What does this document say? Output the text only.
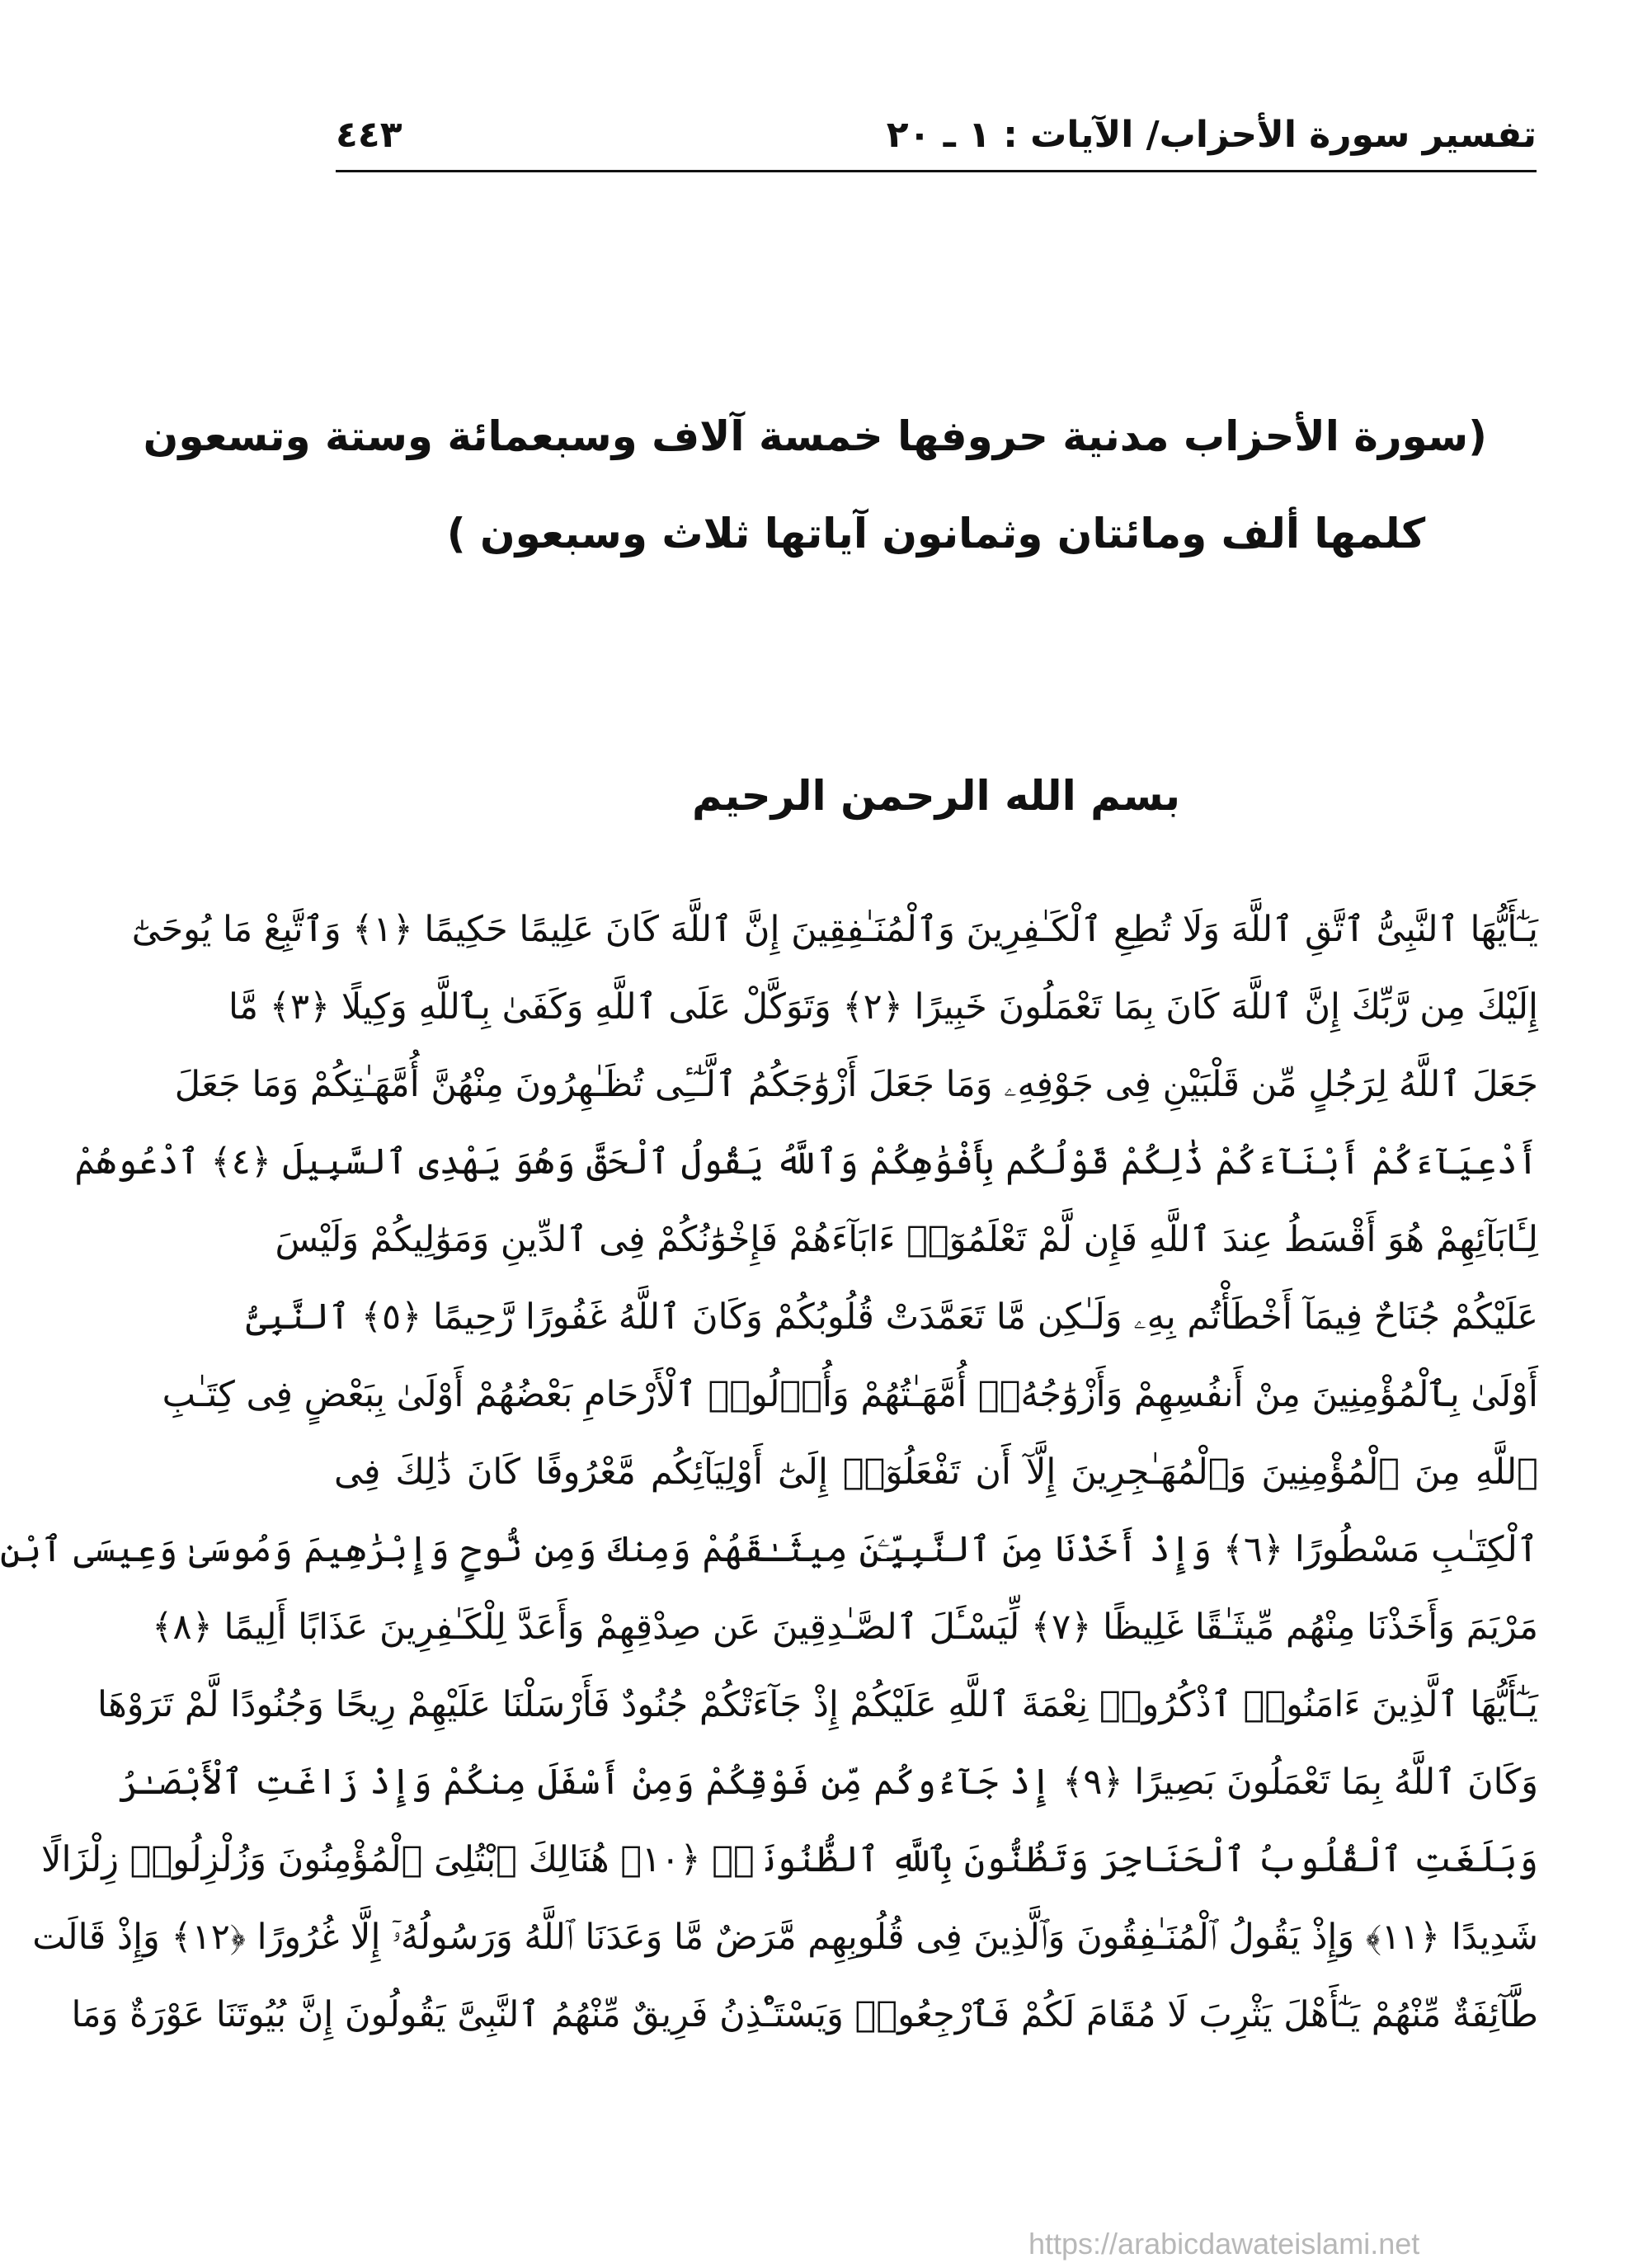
تفسير سورة الأحزاب/ الآيات : ١ ـ ٢٠
٤٤٣
(سورة الأحزاب مدنية حروفها خمسة آلاف وسبعمائة وستة وتسعون
كلمها ألف ومائتان وثمانون آياتها ثلاث وسبعون )
بسم الله الرحمن الرحيم
يَـٰٓأَيُّهَا ٱلنَّبِىُّ ٱتَّقِ ٱللَّهَ وَلَا تُطِعِ ٱلْكَـٰفِرِينَ وَٱلْمُنَـٰفِقِينَ إِنَّ ٱللَّهَ كَانَ عَلِيمًا حَكِيمًا ﴿١﴾ وَٱتَّبِعْ مَا يُوحَىٰٓ
إِلَيْكَ مِن رَّبِّكَ إِنَّ ٱللَّهَ كَانَ بِمَا تَعْمَلُونَ خَبِيرًا ﴿٢﴾ وَتَوَكَّلْ عَلَى ٱللَّهِ وَكَفَىٰ بِٱللَّهِ وَكِيلًا ﴿٣﴾ مَّا
جَعَلَ ٱللَّهُ لِرَجُلٍ مِّن قَلْبَيْنِ فِى جَوْفِهِۦ وَمَا جَعَلَ أَزْوَٰجَكُمُ ٱلَّـٰٓـِٔى تُظَـٰهِرُونَ مِنْهُنَّ أُمَّهَـٰتِكُمْ وَمَا جَعَلَ
أَدْعِيَآءَكُمْ أَبْنَآءَكُمْ ذَٰلِكُمْ قَوْلُكُم بِأَفْوَٰهِكُمْ وَٱللَّهُ يَقُولُ ٱلْحَقَّ وَهُوَ يَهْدِى ٱلسَّبِيلَ ﴿٤﴾ ٱدْعُوهُمْ
لِـَٔابَآئِهِمْ هُوَ أَقْسَطُ عِندَ ٱللَّهِ فَإِن لَّمْ تَعْلَمُوٓا۟ ءَابَآءَهُمْ فَإِخْوَٰنُكُمْ فِى ٱلدِّينِ وَمَوَٰلِيكُمْ وَلَيْسَ
عَلَيْكُمْ جُنَاحٌ فِيمَآ أَخْطَأْتُم بِهِۦ وَلَـٰكِن مَّا تَعَمَّدَتْ قُلُوبُكُمْ وَكَانَ ٱللَّهُ غَفُورًا رَّحِيمًا ﴿٥﴾ ٱلنَّبِىُّ
أَوْلَىٰ بِٱلْمُؤْمِنِينَ مِنْ أَنفُسِهِمْ وَأَزْوَٰجُهُۥٓ أُمَّهَـٰتُهُمْ وَأُو۟لُوا۟ ٱلْأَرْحَامِ بَعْضُهُمْ أَوْلَىٰ بِبَعْضٍ فِى كِتَـٰبِ
ٱللَّهِ مِنَ ٱلْمُؤْمِنِينَ وَٱلْمُهَـٰجِرِينَ إِلَّآ أَن تَفْعَلُوٓا۟ إِلَىٰٓ أَوْلِيَآئِكُم مَّعْرُوفًا كَانَ ذَٰلِكَ فِى
ٱلْكِتَـٰبِ مَسْطُورًا ﴿٦﴾ وَإِذْ أَخَذْنَا مِنَ ٱلنَّبِيِّـۧنَ مِيثَـٰقَهُمْ وَمِنكَ وَمِن نُّوحٍ وَإِبْرَٰهِيمَ وَمُوسَىٰ وَعِيسَى ٱبْنِ
مَرْيَمَ وَأَخَذْنَا مِنْهُم مِّيثَـٰقًا غَلِيظًا ﴿٧﴾ لِّيَسْـَٔلَ ٱلصَّـٰدِقِينَ عَن صِدْقِهِمْ وَأَعَدَّ لِلْكَـٰفِرِينَ عَذَابًا أَلِيمًا ﴿٨﴾
يَـٰٓأَيُّهَا ٱلَّذِينَ ءَامَنُوا۟ ٱذْكُرُوا۟ نِعْمَةَ ٱللَّهِ عَلَيْكُمْ إِذْ جَآءَتْكُمْ جُنُودٌ فَأَرْسَلْنَا عَلَيْهِمْ رِيحًا وَجُنُودًا لَّمْ تَرَوْهَا
وَكَانَ ٱللَّهُ بِمَا تَعْمَلُونَ بَصِيرًا ﴿٩﴾ إِذْ جَآءُوكُم مِّن فَوْقِكُمْ وَمِنْ أَسْفَلَ مِنكُمْ وَإِذْ زَاغَتِ ٱلْأَبْصَـٰرُ
وَبَلَغَتِ ٱلْقُلُوبُ ٱلْحَنَاجِرَ وَتَظُنُّونَ بِٱللَّهِ ٱلظُّنُونَا۠ ﴿١٠﴾ هُنَالِكَ ٱبْتُلِىَ ٱلْمُؤْمِنُونَ وَزُلْزِلُوا۟ زِلْزَالًا
شَدِيدًا ﴿١١﴾ وَإِذْ يَقُولُ ٱلْمُنَـٰفِقُونَ وَٱلَّذِينَ فِى قُلُوبِهِم مَّرَضٌ مَّا وَعَدَنَا ٱللَّهُ وَرَسُولُهُۥٓ إِلَّا غُرُورًا ﴿١٢﴾ وَإِذْ قَالَت
طَّآئِفَةٌ مِّنْهُمْ يَـٰٓأَهْلَ يَثْرِبَ لَا مُقَامَ لَكُمْ فَٱرْجِعُوا۟ وَيَسْتَـْٔذِنُ فَرِيقٌ مِّنْهُمُ ٱلنَّبِىَّ يَقُولُونَ إِنَّ بُيُوتَنَا عَوْرَةٌ وَمَا
https://arabicdawateislami.net
